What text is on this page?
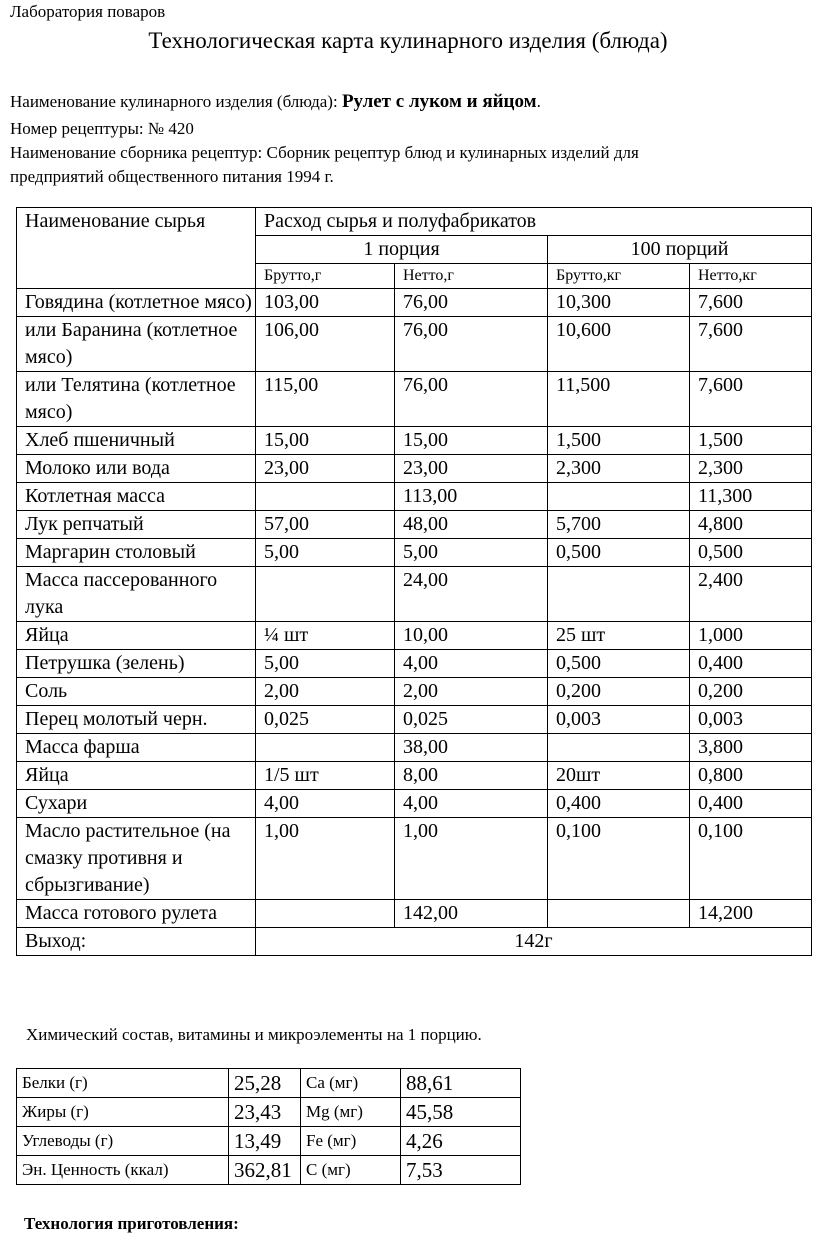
Лаборатория поваров
Технологическая карта кулинарного изделия (блюда)
Наименование кулинарного изделия (блюда): Рулет с луком и яйцом.
Номер рецептуры: № 420
Наименование сборника рецептур: Сборник рецептур блюд и кулинарных изделий для
предприятий общественного питания 1994 г.
Наименование сырья	Расход сырья и полуфабрикатов			
	1 порция		100 порций	
	Брутто,г	Нетто,г	Брутто,кг	Нетто,кг
Говядина (котлетное мясо)	103,00	76,00	10,300	7,600
или Баранина (котлетное мясо)	106,00	76,00	10,600	7,600
или Телятина (котлетное мясо)	115,00	76,00	11,500	7,600
Хлеб пшеничный	15,00	15,00	1,500	1,500
Молоко или вода	23,00	23,00	2,300	2,300
Котлетная масса		113,00		11,300
Лук репчатый	57,00	48,00	5,700	4,800
Маргарин столовый	5,00	5,00	0,500	0,500
Масса пассерованного лука		24,00		2,400
Яйца	¼ шт	10,00	25 шт	1,000
Петрушка (зелень)	5,00	4,00	0,500	0,400
Соль	2,00	2,00	0,200	0,200
Перец молотый черн.	0,025	0,025	0,003	0,003
Масса фарша		38,00		3,800
Яйца	1/5 шт	8,00	20шт	0,800
Сухари	4,00	4,00	0,400	0,400
Масло растительное (на смазку противня и сбрызгивание)	1,00	1,00	0,100	0,100
Масса готового рулета		142,00		14,200
Выход:	142г			
Химический состав, витамины и микроэлементы на 1 порцию.
Белки (г)	25,28	Ca (мг)	88,61
Жиры (г)	23,43	Mg (мг)	45,58
Углеводы (г)	13,49	Fe (мг)	4,26
Эн. Ценность (ккал)	362,81	C (мг)	7,53
Технология приготовления:
